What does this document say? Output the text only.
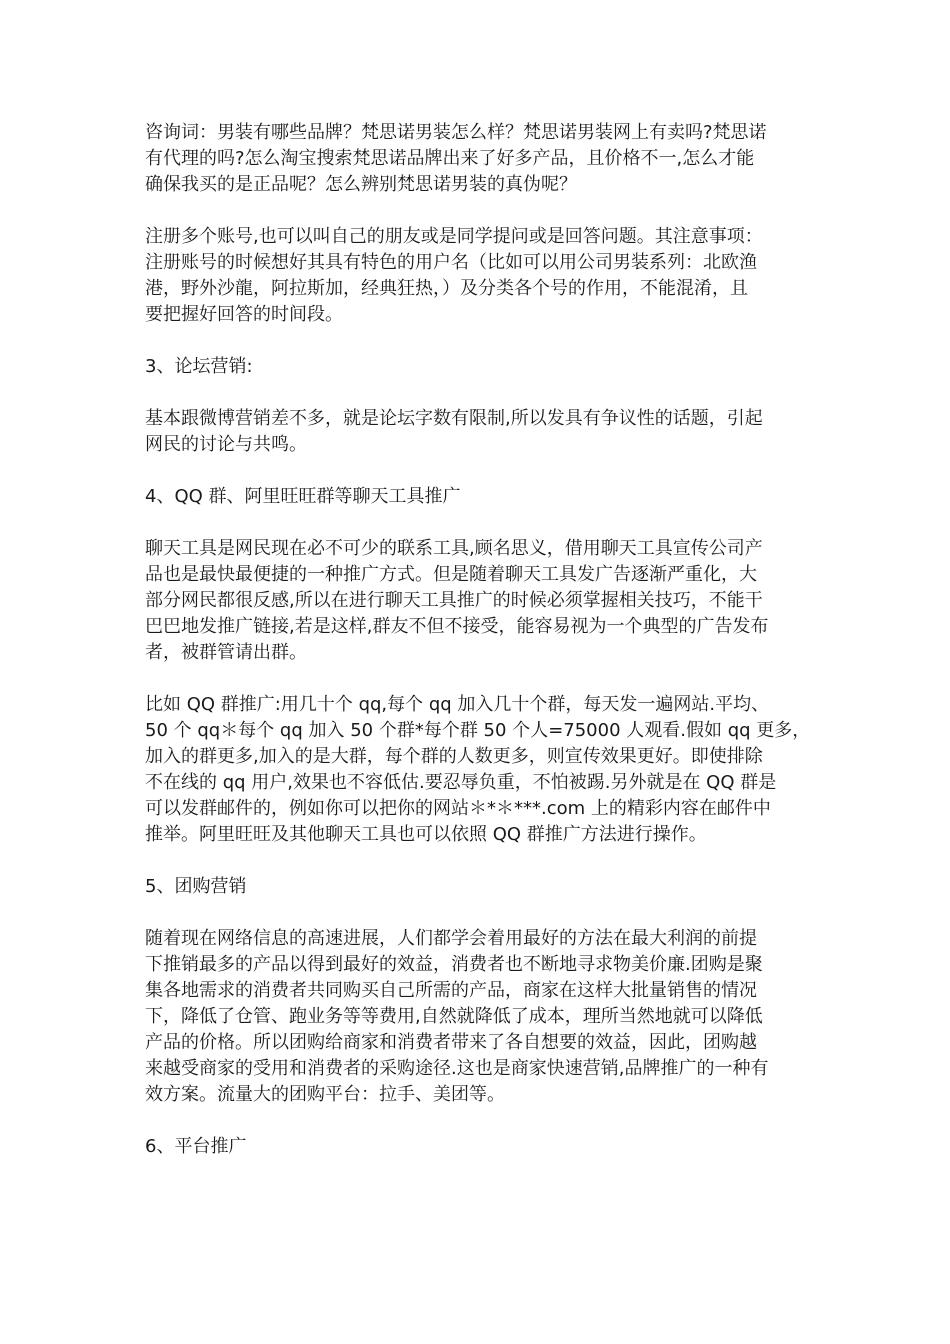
咨询词：男装有哪些品牌？梵思诺男装怎么样？梵思诺男装网上有卖吗?梵思诺
有代理的吗?怎么淘宝搜索梵思诺品牌出来了好多产品，且价格不一,怎么才能
确保我买的是正品呢？怎么辨别梵思诺男装的真伪呢？

注册多个账号,也可以叫自己的朋友或是同学提问或是回答问题。其注意事项：
注册账号的时候想好其具有特色的用户名（比如可以用公司男装系列：北欧渔
港，野外沙龍，阿拉斯加，经典狂热，）及分类各个号的作用，不能混淆，且
要把握好回答的时间段。

3、论坛营销:

基本跟微博营销差不多，就是论坛字数有限制,所以发具有争议性的话题，引起
网民的讨论与共鸣。

4、QQ 群、阿里旺旺群等聊天工具推广

聊天工具是网民现在必不可少的联系工具,顾名思义，借用聊天工具宣传公司产
品也是最快最便捷的一种推广方式。但是随着聊天工具发广告逐渐严重化，大
部分网民都很反感,所以在进行聊天工具推广的时候必须掌握相关技巧，不能干
巴巴地发推广链接,若是这样,群友不但不接受，能容易视为一个典型的广告发布
者，被群管请出群。

比如 QQ 群推广:用几十个 qq,每个 qq 加入几十个群，每天发一遍网站.平均、
50 个 qq＊每个 qq 加入 50 个群*每个群 50 个人=75000 人观看.假如 qq 更多，
加入的群更多,加入的是大群，每个群的人数更多，则宣传效果更好。即使排除
不在线的 qq 用户,效果也不容低估.要忍辱负重，不怕被踢.另外就是在 QQ 群是
可以发群邮件的，例如你可以把你的网站＊*＊***.com 上的精彩内容在邮件中
推举。阿里旺旺及其他聊天工具也可以依照 QQ 群推广方法进行操作。

5、团购营销

随着现在网络信息的高速进展，人们都学会着用最好的方法在最大利润的前提
下推销最多的产品以得到最好的效益，消费者也不断地寻求物美价廉.团购是聚
集各地需求的消费者共同购买自己所需的产品，商家在这样大批量销售的情况
下，降低了仓管、跑业务等等费用,自然就降低了成本，理所当然地就可以降低
产品的价格。所以团购给商家和消费者带来了各自想要的效益，因此，团购越
来越受商家的受用和消费者的采购途径.这也是商家快速营销,品牌推广的一种有
效方案。流量大的团购平台：拉手、美团等。

6、平台推广
